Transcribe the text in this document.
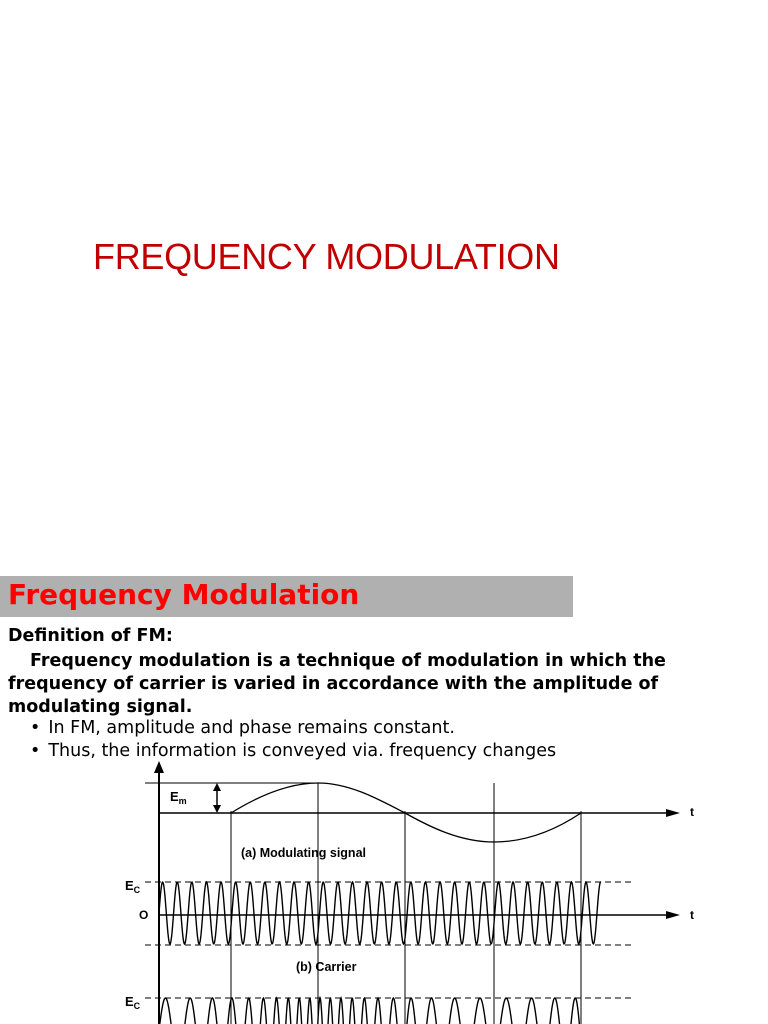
FREQUENCY MODULATION
Frequency Modulation
Definition of FM:
Frequency modulation is a technique of modulation in which the
frequency of carrier is varied in accordance with the amplitude of
modulating signal.
• In FM, amplitude and phase remains constant.
• Thus, the information is conveyed via. frequency changes
$E_m$
t
(a) Modulating signal
t
$E_C$
O
(b) Carrier
$E_C$
